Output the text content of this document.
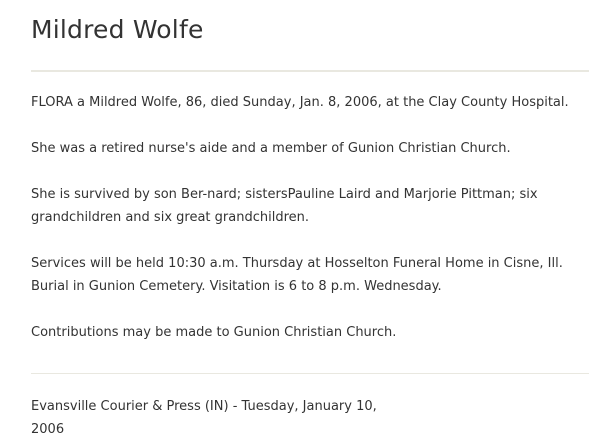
Mildred Wolfe

FLORA a Mildred Wolfe, 86, died Sunday, Jan. 8, 2006, at the Clay County Hospital.

She was a retired nurse's aide and a member of Gunion Christian Church.

She is survived by son Ber-nard; sistersPauline Laird and Marjorie Pittman; six grandchildren and six great grandchildren.

Services will be held 10:30 a.m. Thursday at Hosselton Funeral Home in Cisne, Ill. Burial in Gunion Cemetery. Visitation is 6 to 8 p.m. Wednesday.

Contributions may be made to Gunion Christian Church.

Evansville Courier & Press (IN) - Tuesday, January 10, 2006
